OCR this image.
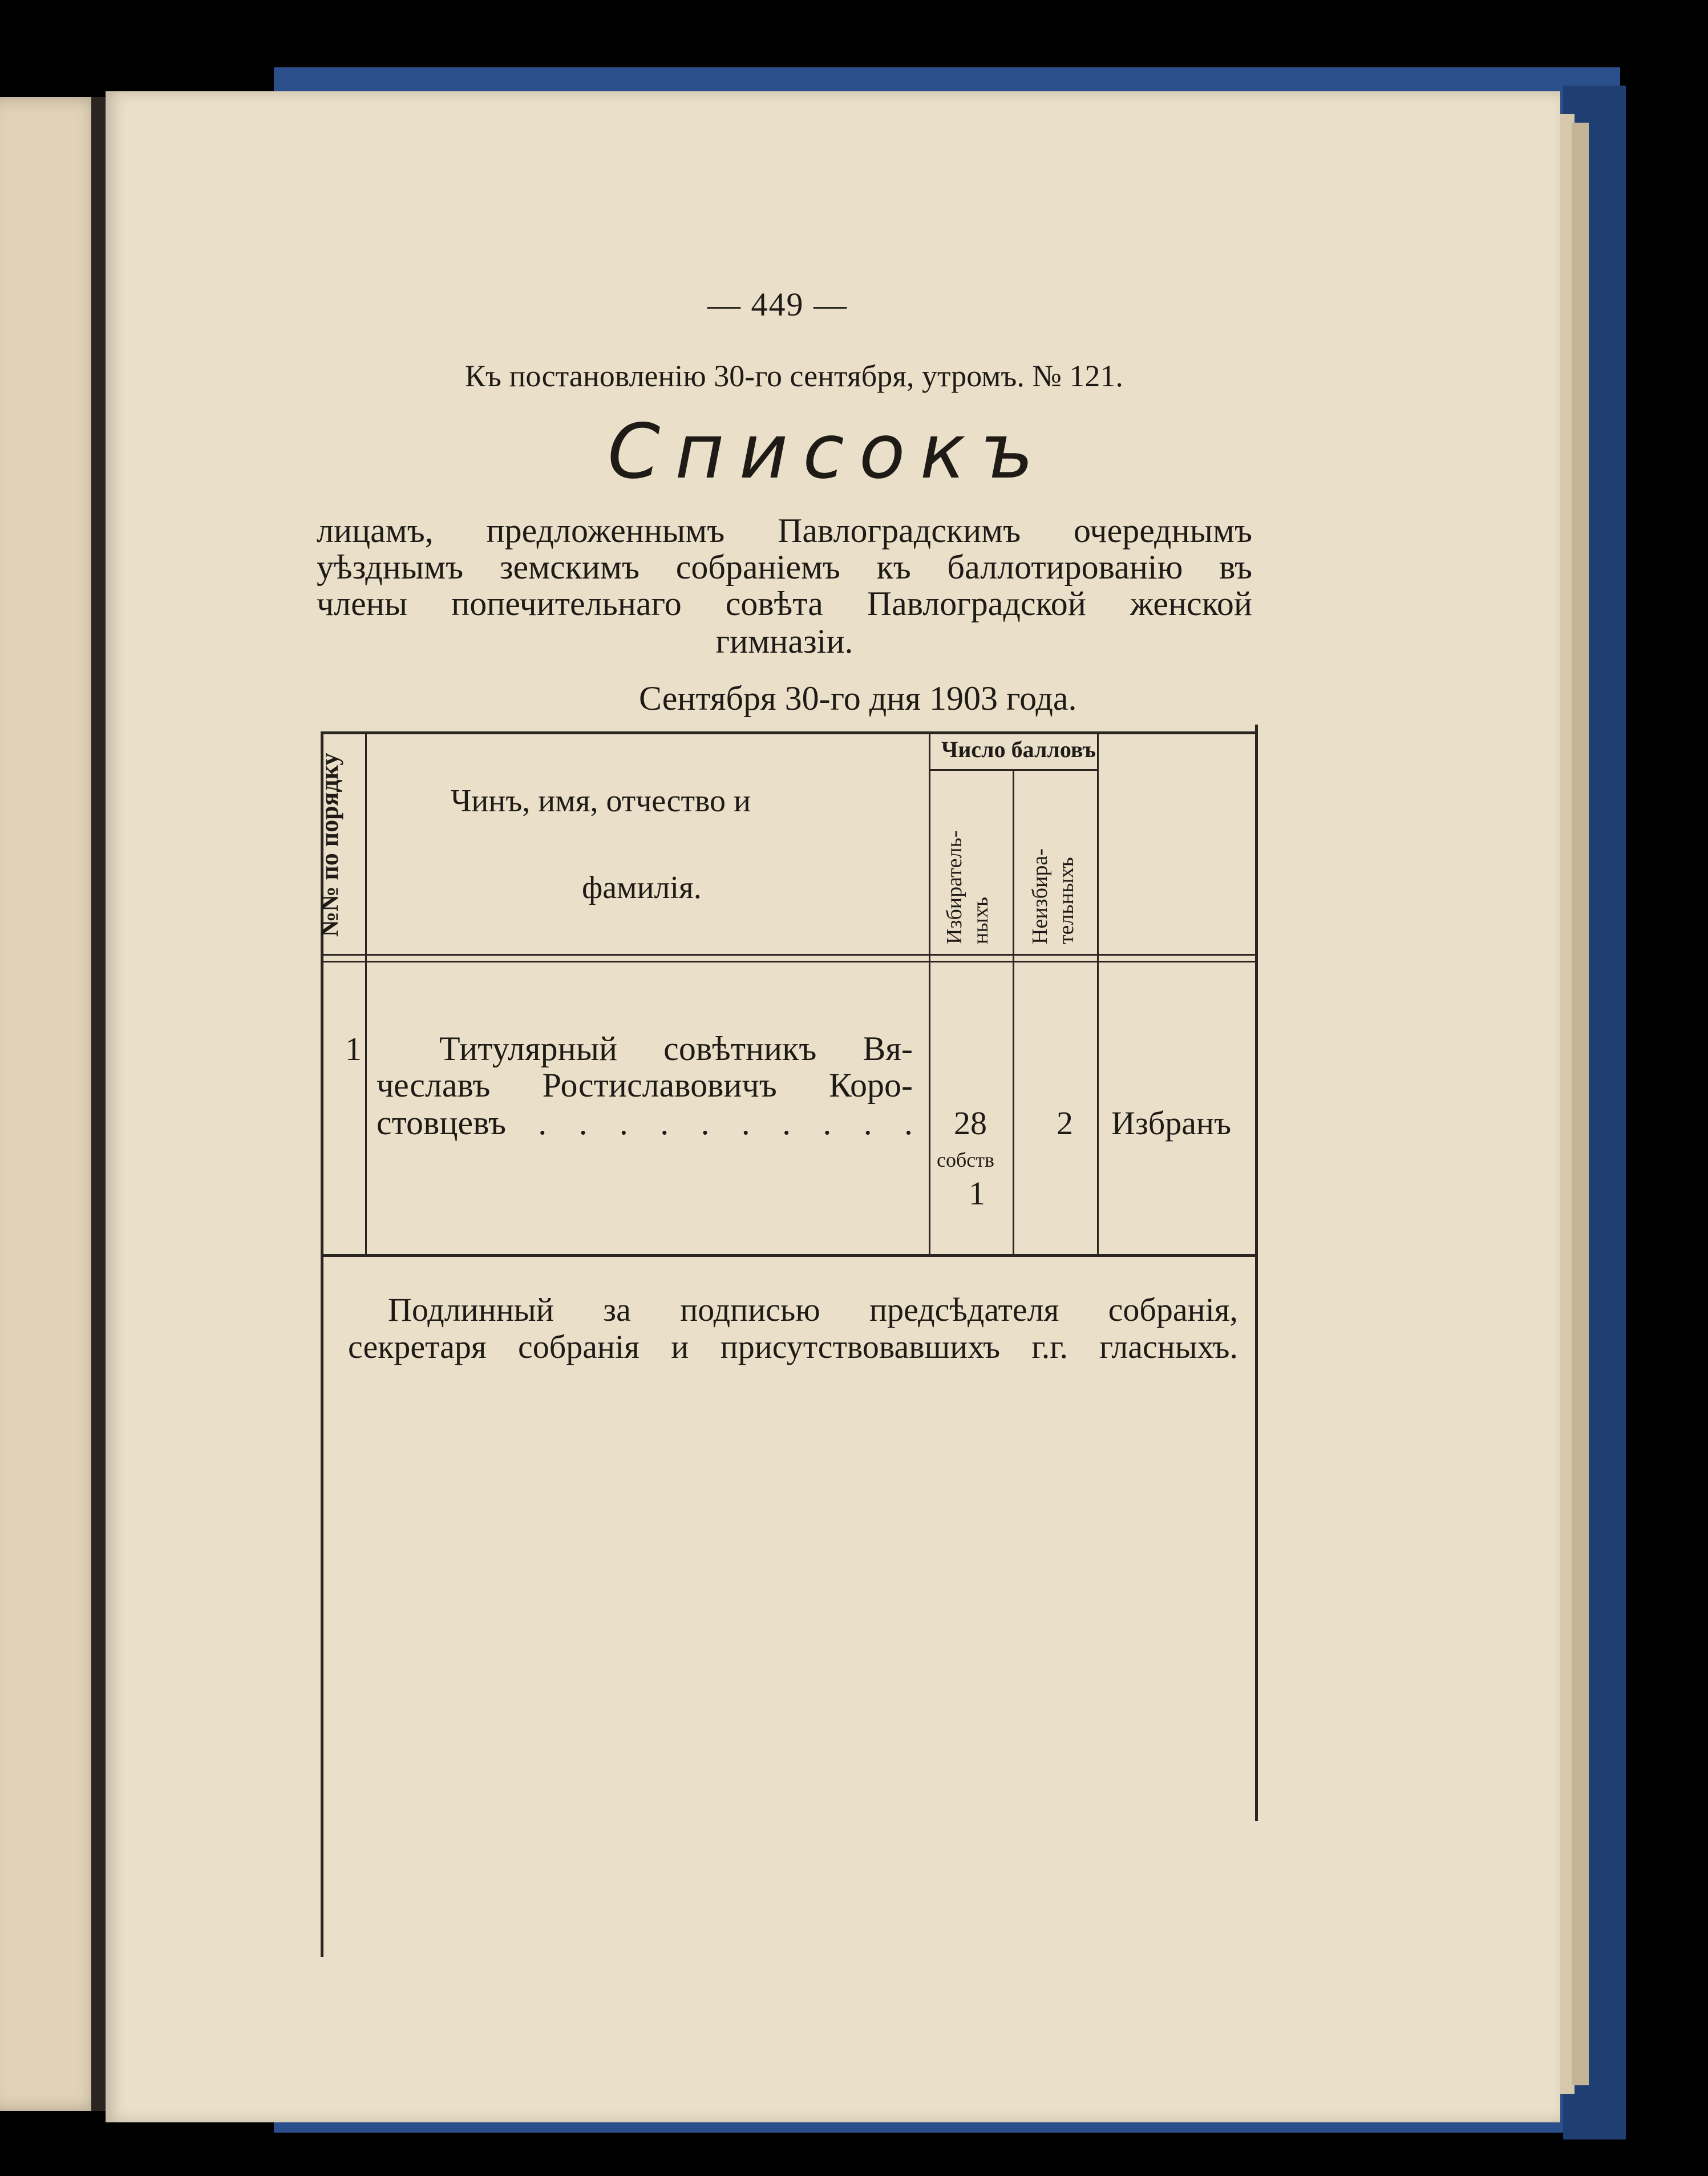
— 449 —
Къ постановленію 30-го сентября, утромъ. № 121.
Списокъ
лицамъ, предложеннымъ Павлоградскимъ очереднымъ
уѣзднымъ земскимъ собраніемъ къ баллотированію въ
члены попечительнаго совѣта Павлоградской женской
гимназіи.
Сентября 30-го дня 1903 года.
Чинъ, имя, отчество и
фамилія.
Число балловъ
Избиратель-
ныхъ Неизбира-
тельныхъ
1 Титулярный совѣтникъ Вя-
чеславъ Ростиславовичъ Коро-
стовцевъ . . . . . . . . . . 28
собств
1
2 Избранъ
Подлинный за подписью предсѣдателя собранія,
секретаря собранія и присутствовавшихъ г.г. гласныхъ.
